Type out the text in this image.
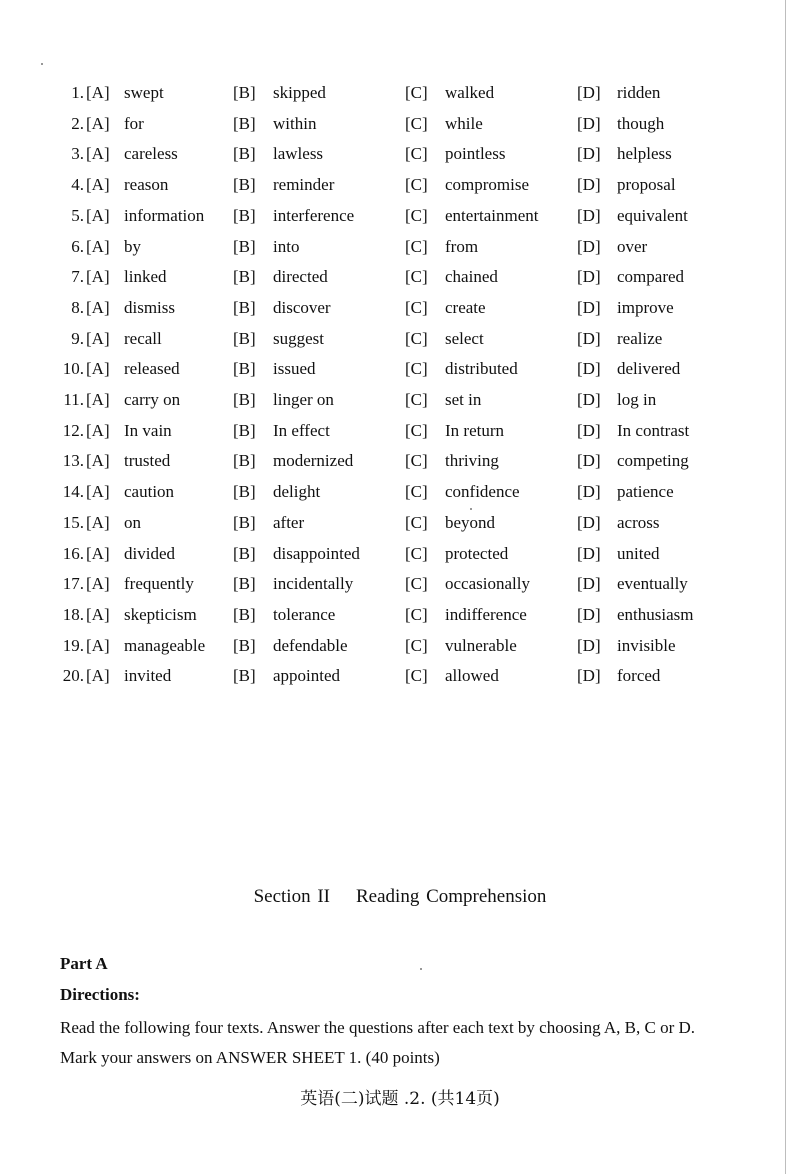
1. [A] swept	[B] skipped	[C] walked	[D] ridden
2. [A] for	[B] within	[C] while	[D] though
3. [A] careless	[B] lawless	[C] pointless	[D] helpless
4. [A] reason	[B] reminder	[C] compromise	[D] proposal
5. [A] information [B] interference	[C] entertainment [D] equivalent
6. [A] by	[B] into	[C] from	[D] over
7. [A] linked	[B] directed	[C] chained	[D] compared
8. [A] dismiss	[B] discover	[C] create	[D] improve
9. [A] recall	[B] suggest	[C] select	[D] realize
10. [A] released	[B] issued	[C] distributed	[D] delivered
11. [A] carry on	[B] linger on	[C] set in	[D] log in
12. [A] In vain	[B] In effect	[C] In return	[D] In contrast
13. [A] trusted	[B] modernized	[C] thriving	[D] competing
14. [A] caution	[B] delight	[C] confidence	[D] patience
15. [A] on	[B] after	[C] beyond	[D] across
16. [A] divided	[B] disappointed	[C] protected	[D] united
17. [A] frequently [B] incidentally	[C] occasionally	[D] eventually
18. [A] skepticism [B] tolerance	[C] indifference	[D] enthusiasm
19. [A] manageable [B] defendable	[C] vulnerable	[D] invisible
20. [A] invited	[B] appointed	[C] allowed	[D] forced
Section II Reading Comprehension
Part A
Directions:
Read the following four texts. Answer the questions after each text by choosing A, B, C or D. Mark your answers on ANSWER SHEET 1. (40 points)
英语(二)试题 .2. (共14页)
